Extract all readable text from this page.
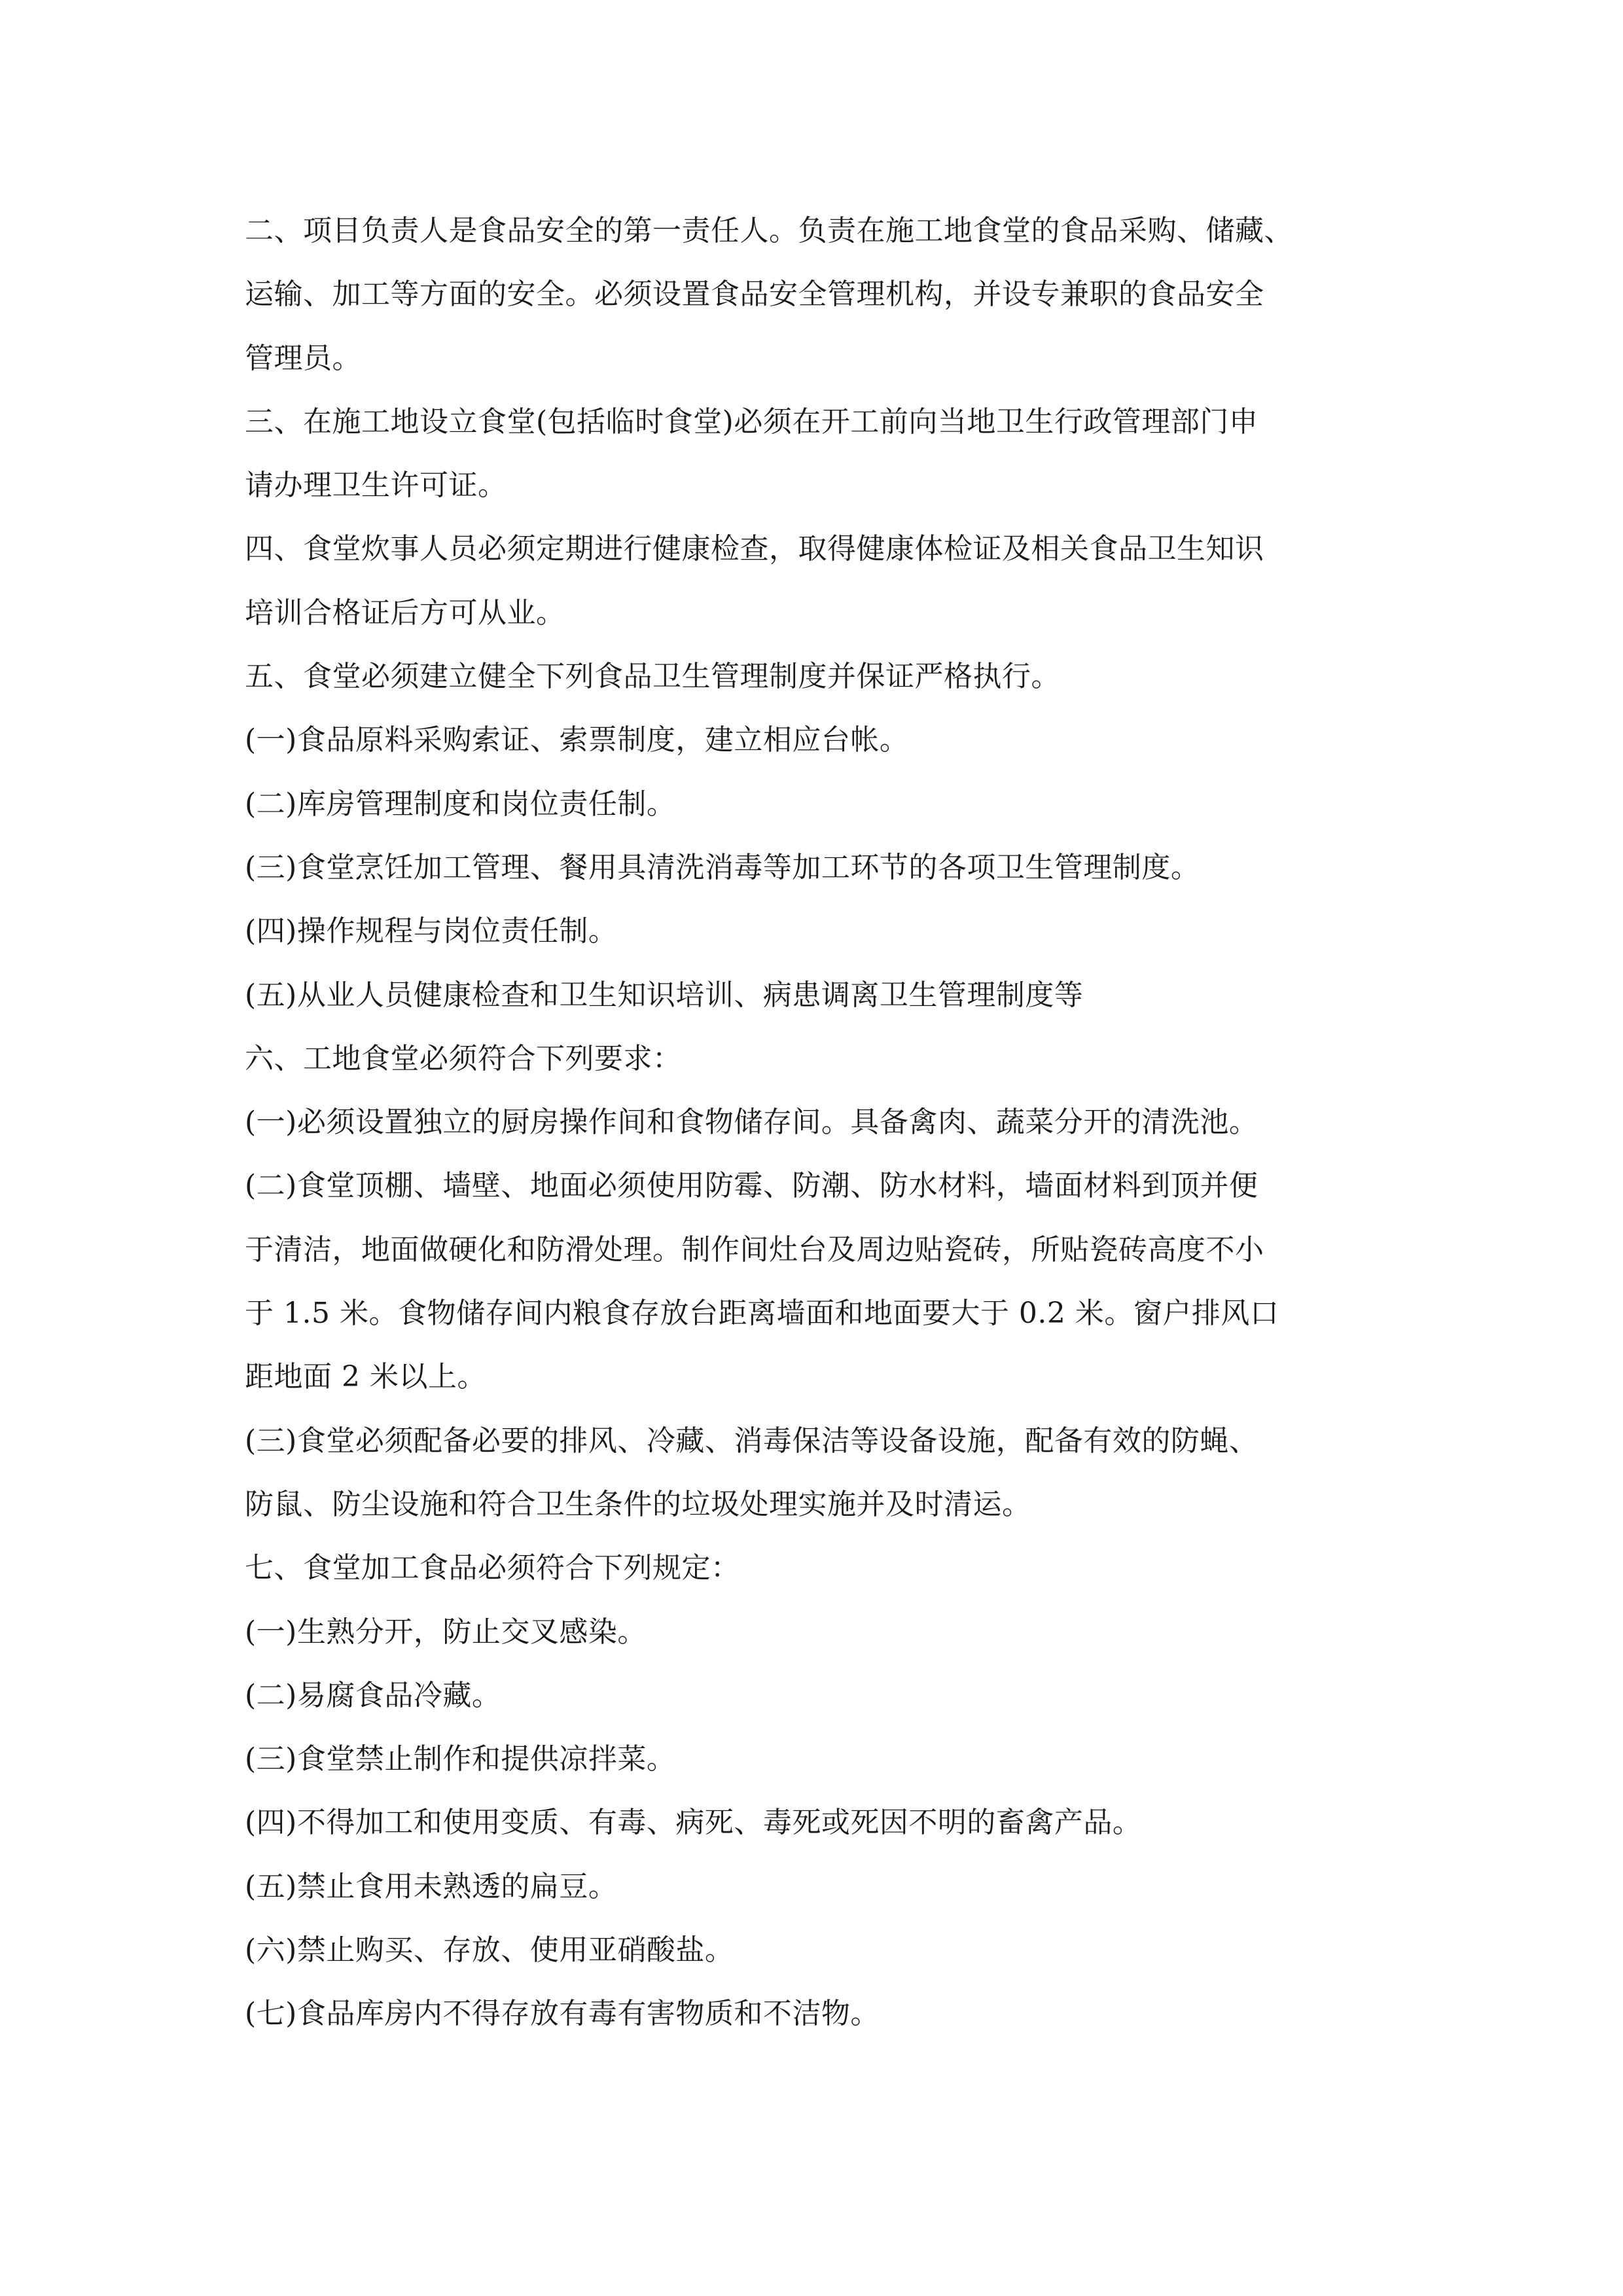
二、项目负责人是食品安全的第一责任人。负责在施工地食堂的食品采购、储藏、
运输、加工等方面的安全。必须设置食品安全管理机构，并设专兼职的食品安全
管理员。
三、在施工地设立食堂(包括临时食堂)必须在开工前向当地卫生行政管理部门申
请办理卫生许可证。
四、食堂炊事人员必须定期进行健康检查，取得健康体检证及相关食品卫生知识
培训合格证后方可从业。
五、食堂必须建立健全下列食品卫生管理制度并保证严格执行。
(一)食品原料采购索证、索票制度，建立相应台帐。
(二)库房管理制度和岗位责任制。
(三)食堂烹饪加工管理、餐用具清洗消毒等加工环节的各项卫生管理制度。
(四)操作规程与岗位责任制。
(五)从业人员健康检查和卫生知识培训、病患调离卫生管理制度等
六、工地食堂必须符合下列要求：
(一)必须设置独立的厨房操作间和食物储存间。具备禽肉、蔬菜分开的清洗池。
(二)食堂顶棚、墙壁、地面必须使用防霉、防潮、防水材料，墙面材料到顶并便
于清洁，地面做硬化和防滑处理。制作间灶台及周边贴瓷砖，所贴瓷砖高度不小
于 1.5 米。食物储存间内粮食存放台距离墙面和地面要大于 0.2 米。窗户排风口
距地面 2 米以上。
(三)食堂必须配备必要的排风、冷藏、消毒保洁等设备设施，配备有效的防蝇、
防鼠、防尘设施和符合卫生条件的垃圾处理实施并及时清运。
七、食堂加工食品必须符合下列规定：
(一)生熟分开，防止交叉感染。
(二)易腐食品冷藏。
(三)食堂禁止制作和提供凉拌菜。
(四)不得加工和使用变质、有毒、病死、毒死或死因不明的畜禽产品。
(五)禁止食用未熟透的扁豆。
(六)禁止购买、存放、使用亚硝酸盐。
(七)食品库房内不得存放有毒有害物质和不洁物。
